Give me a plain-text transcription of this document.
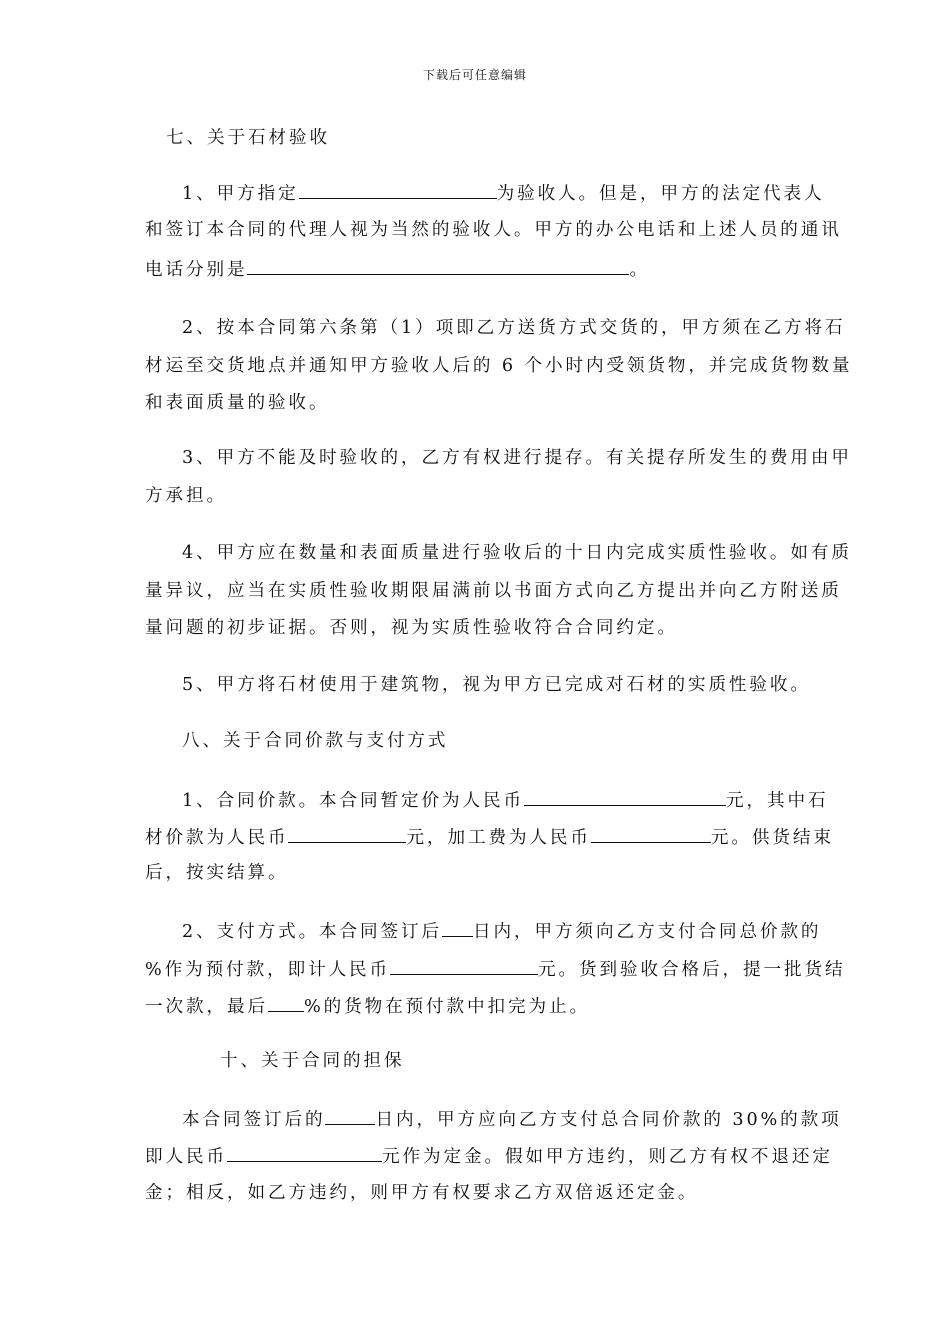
下载后可任意编辑
七、关于石材验收
1、甲方指定	为验收人。但是，甲方的法定代表人
和签订本合同的代理人视为当然的验收人。甲方的办公电话和上述人员的通讯
电话分别是	。
2、按本合同第六条第（1）项即乙方送货方式交货的，甲方须在乙方将石
材运至交货地点并通知甲方验收人后的 6 个小时内受领货物，并完成货物数量
和表面质量的验收。
3、甲方不能及时验收的，乙方有权进行提存。有关提存所发生的费用由甲
方承担。
4、甲方应在数量和表面质量进行验收后的十日内完成实质性验收。如有质
量异议，应当在实质性验收期限届满前以书面方式向乙方提出并向乙方附送质
量问题的初步证据。否则，视为实质性验收符合合同约定。
5、甲方将石材使用于建筑物，视为甲方已完成对石材的实质性验收。
八、关于合同价款与支付方式
1、合同价款。本合同暂定价为人民币	元，其中石
材价款为人民币	元，加工费为人民币	元。供货结束
后，按实结算。
2、支付方式。本合同签订后 日内，甲方须向乙方支付合同总价款的
%作为预付款，即计人民币	元。货到验收合格后，提一批货结
一次款，最后 %的货物在预付款中扣完为止。
十、关于合同的担保
本合同签订后的	日内，甲方应向乙方支付总合同价款的 30%的款项
即人民币	元作为定金。假如甲方违约，则乙方有权不退还定
金；相反，如乙方违约，则甲方有权要求乙方双倍返还定金。
